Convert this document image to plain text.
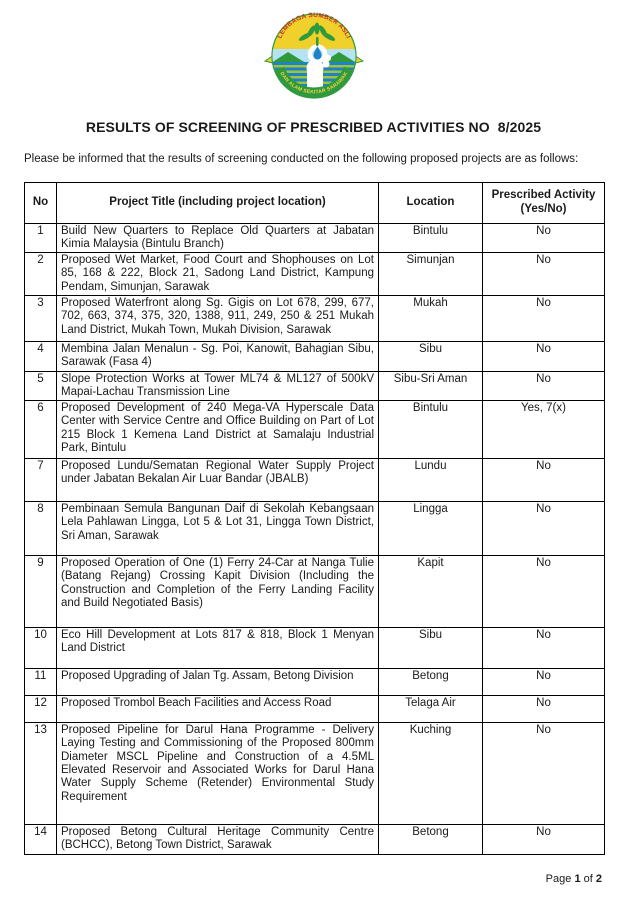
LEMBAGA SUMBER ASLI
DAN ALAM SEKITAR SARAWAK
RESULTS OF SCREENING OF PRESCRIBED ACTIVITIES NO  8/2025

Please be informed that the results of screening conducted on the following proposed projects are as follows:

No	Project Title (including project location)	Location	Prescribed Activity
(Yes/No)

1	Build New Quarters to Replace Old Quarters at Jabatan Kimia Malaysia (Bintulu Branch)	Bintulu	No
2	Proposed Wet Market, Food Court and Shophouses on Lot 85, 168 & 222, Block 21, Sadong Land District, Kampung Pendam, Simunjan, Sarawak	Simunjan	No
3	Proposed Waterfront along Sg. Gigis on Lot 678, 299, 677, 702, 663, 374, 375, 320, 1388, 911, 249, 250 & 251 Mukah Land District, Mukah Town, Mukah Division, Sarawak	Mukah	No
4	Membina Jalan Menalun - Sg. Poi, Kanowit, Bahagian Sibu, Sarawak (Fasa 4)	Sibu	No
5	Slope Protection Works at Tower ML74 & ML127 of 500kV Mapai-Lachau Transmission Line	Sibu-Sri Aman	No
6	Proposed Development of 240 Mega-VA Hyperscale Data Center with Service Centre and Office Building on Part of Lot 215 Block 1 Kemena Land District at Samalaju Industrial Park, Bintulu	Bintulu	Yes, 7(x)
7	Proposed Lundu/Sematan Regional Water Supply Project under Jabatan Bekalan Air Luar Bandar (JBALB)	Lundu	No
8	Pembinaan Semula Bangunan Daif di Sekolah Kebangsaan Lela Pahlawan Lingga, Lot 5 & Lot 31, Lingga Town District, Sri Aman, Sarawak	Lingga	No
9	Proposed Operation of One (1) Ferry 24-Car at Nanga Tulie (Batang Rejang) Crossing Kapit Division (Including the Construction and Completion of the Ferry Landing Facility and Build Negotiated Basis)	Kapit	No
10	Eco Hill Development at Lots 817 & 818, Block 1 Menyan Land District	Sibu	No
11	Proposed Upgrading of Jalan Tg. Assam, Betong Division	Betong	No
12	Proposed Trombol Beach Facilities and Access Road	Telaga Air	No
13	Proposed Pipeline for Darul Hana Programme - Delivery Laying Testing and Commissioning of the Proposed 800mm Diameter MSCL Pipeline and Construction of a 4.5ML Elevated Reservoir and Associated Works for Darul Hana Water Supply Scheme (Retender) Environmental Study Requirement	Kuching	No
14	Proposed Betong Cultural Heritage Community Centre (BCHCC), Betong Town District, Sarawak	Betong	No
Page 1 of 2
